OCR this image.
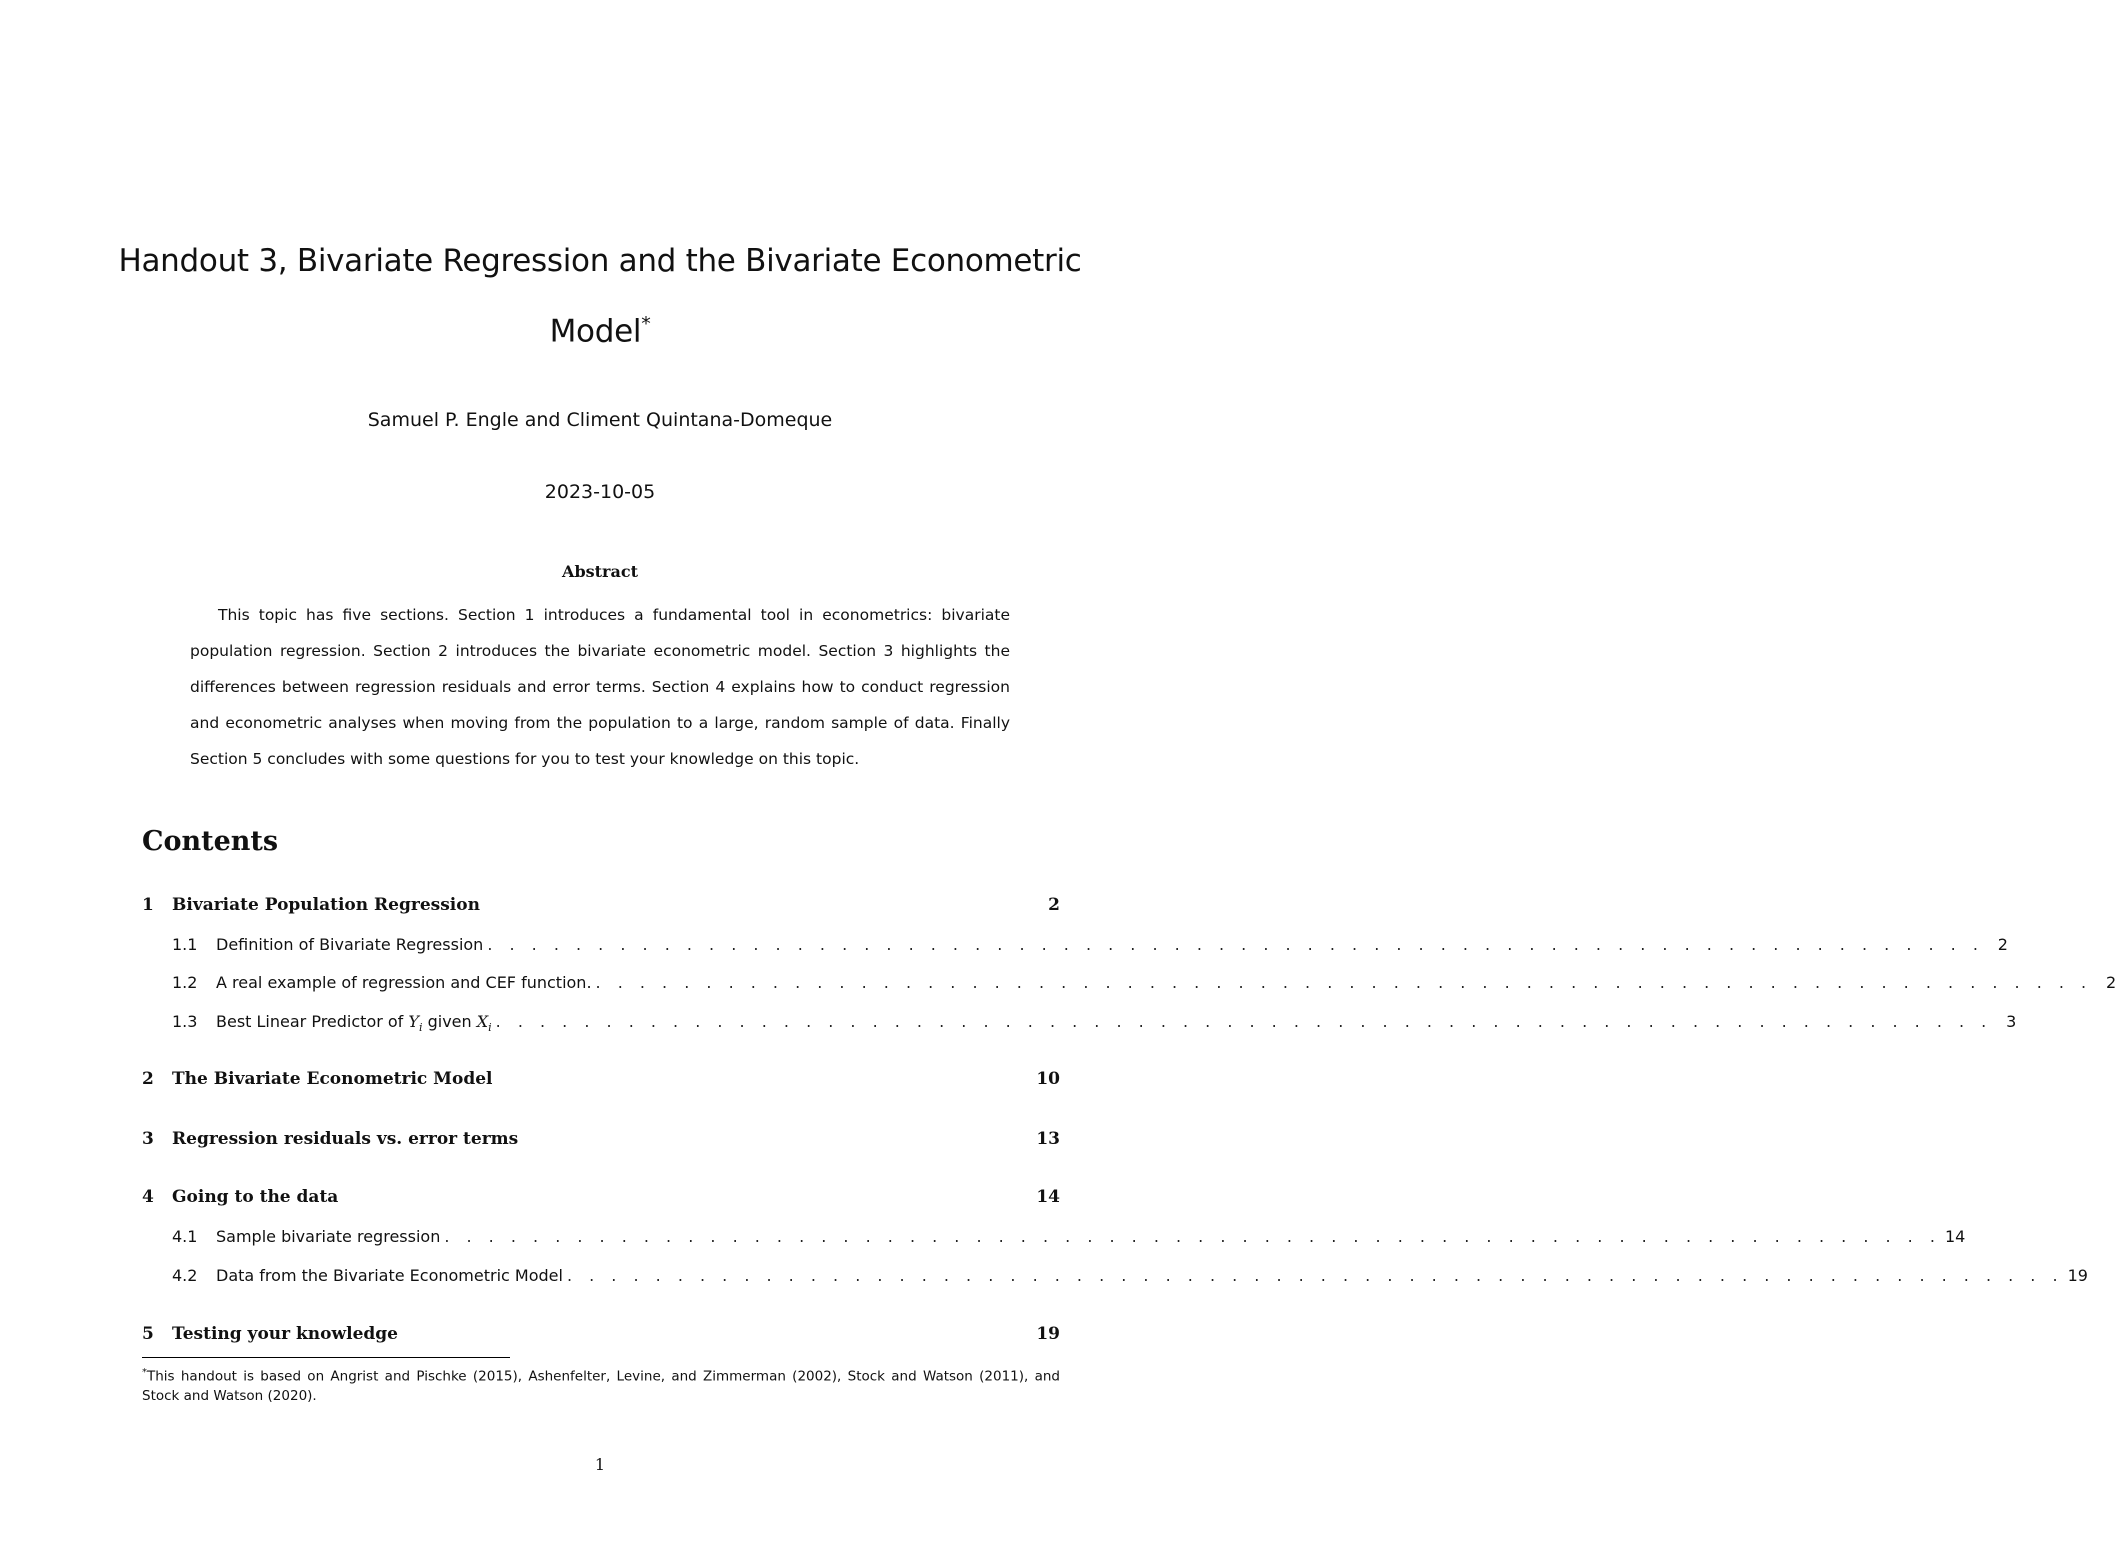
Handout 3, Bivariate Regression and the Bivariate Econometric
Model*
Samuel P. Engle and Climent Quintana-Domeque
2023-10-05
Abstract
This topic has five sections. Section 1 introduces a fundamental tool in econometrics: bivariate population regression. Section 2 introduces the bivariate econometric model. Section 3 highlights the differences between regression residuals and error terms. Section 4 explains how to conduct regression and econometric analyses when moving from the population to a large, random sample of data. Finally Section 5 concludes with some questions for you to test your knowledge on this topic.
Contents
1 Bivariate Population Regression	2
1.1	Definition of Bivariate Regression . . . . . . . . . . . . . . . . . . . . . . . . . . . . . . . . . . . . . . . . . . . . . . . . . . . . . . . . . . . . . . . . . . . . 2
1.2	A real example of regression and CEF function. . . . . . . . . . . . . . . . . . . . . . . . . . . . . . . . . . . . . . . . . . . . . . . . . . . . . . . . . . . . . . . . . . . . . 2
1.3	Best Linear Predictor of $Y_i$ given $X_i$ . . . . . . . . . . . . . . . . . . . . . . . . . . . . . . . . . . . . . . . . . . . . . . . . . . . . . . . . . . . . . . . . . . . . 3
2 The Bivariate Econometric Model	10
3 Regression residuals vs. error terms	13
4 Going to the data	14
4.1	Sample bivariate regression . . . . . . . . . . . . . . . . . . . . . . . . . . . . . . . . . . . . . . . . . . . . . . . . . . . . . . . . . . . . . . . . . . . . 14
4.2	Data from the Bivariate Econometric Model . . . . . . . . . . . . . . . . . . . . . . . . . . . . . . . . . . . . . . . . . . . . . . . . . . . . . . . . . . . . . . . . . . . . 19
5 Testing your knowledge	19
*This handout is based on Angrist and Pischke (2015), Ashenfelter, Levine, and Zimmerman (2002), Stock and Watson (2011), and Stock and Watson (2020).
1
